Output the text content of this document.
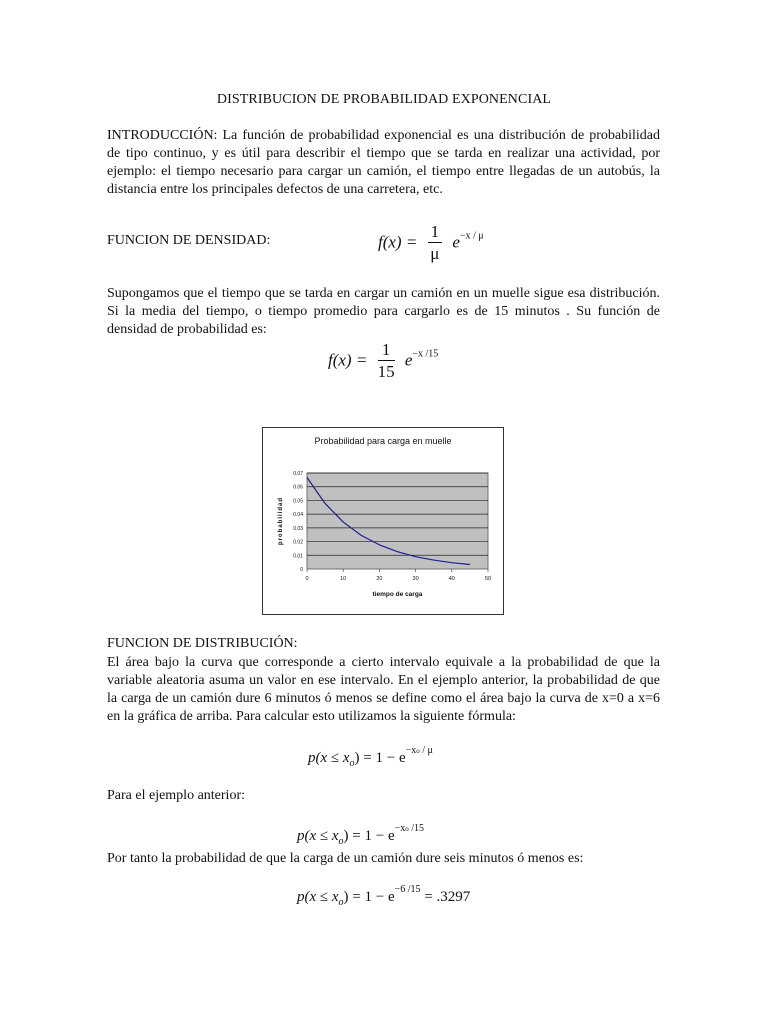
DISTRIBUCION DE PROBABILIDAD EXPONENCIAL
INTRODUCCIÓN: La función de probabilidad exponencial es una distribución de probabilidad de tipo continuo, y es útil para describir el tiempo que se tarda en realizar una actividad, por ejemplo: el tiempo necesario para cargar un camión, el tiempo entre llegadas de un autobús, la distancia entre los principales defectos de una carretera, etc.
FUNCION DE DENSIDAD:	$f(x) = \frac{1}{\mu} e^{-x / \mu}$
Supongamos que el tiempo que se tarda en cargar un camión en un muelle sigue esa distribución. Si la media del tiempo, o tiempo promedio para cargarlo es de 15 minutos . Su función de densidad de probabilidad es:
$f(x) = \frac{1}{15} e^{-x /15}$
Probabilidad para carga en muelle
0
0.01
0.02
0.03
0.04
0.05
0.06
0.07
0	10	20	30	40	50
tiempo de carga
probabilidad
FUNCION DE DISTRIBUCIÓN:
El área bajo la curva que corresponde a cierto intervalo equivale a la probabilidad de que la variable aleatoria asuma un valor en ese intervalo. En el ejemplo anterior, la probabilidad de que la carga de un camión dure 6 minutos ó menos se define como el área bajo la curva de x=0 a x=6 en la gráfica de arriba. Para calcular esto utilizamos la siguiente fórmula:
$p(x \le x_o) = 1 - e^{-xo / \mu}$
Para el ejemplo anterior:
$p(x \le x_o) = 1 - e^{-xo /15}$
Por tanto la probabilidad de que la carga de un camión dure seis minutos ó menos es:
$p(x \le x_o) = 1 - e^{-6 /15} = .3297$
